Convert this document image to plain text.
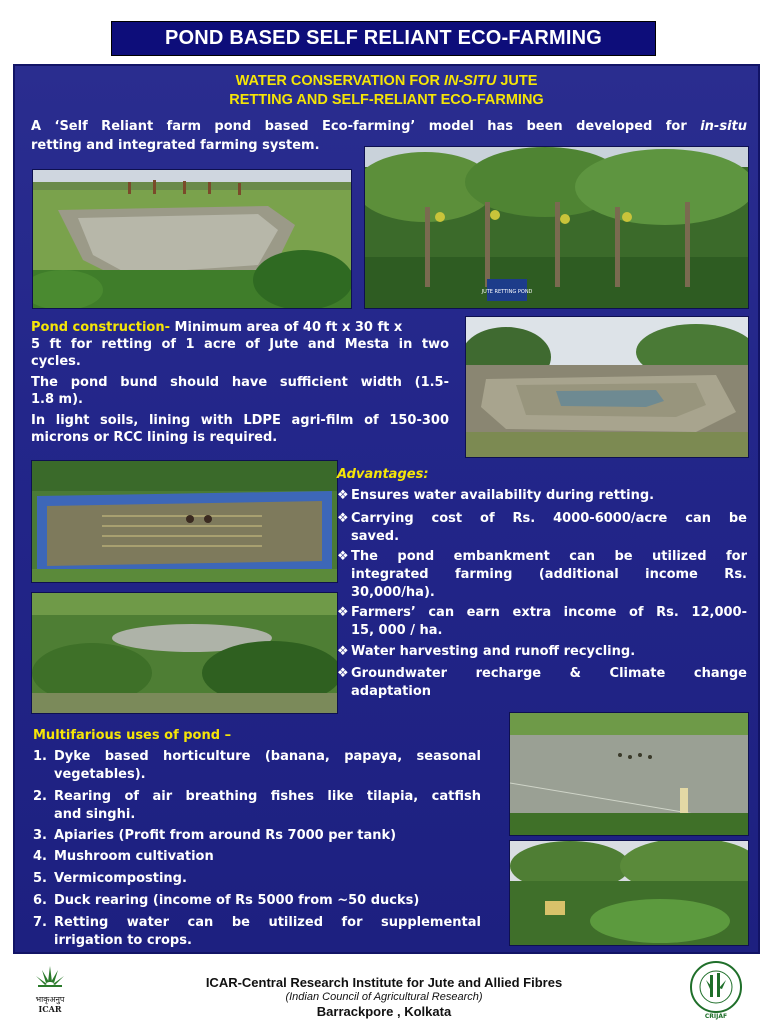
POND BASED SELF RELIANT ECO-FARMING
WATER CONSERVATION FOR IN-SITU JUTE
RETTING AND SELF-RELIANT ECO-FARMING
A ‘Self Reliant farm pond based Eco-farming’ model has been developed for in-situ
retting and integrated farming system.
JUTE RETTING POND
Pond construction- Minimum area of 40 ft x 30 ft x
5 ft for retting of 1 acre of Jute and Mesta in two
cycles.
The pond bund should have sufficient width (1.5-
1.8 m).
In light soils, lining with LDPE agri-film of 150-300
microns or RCC lining is required.
Advantages:
❖ Ensures water availability during retting.
❖ Carrying cost of Rs. 4000-6000/acre can be
saved.
❖ The pond embankment can be utilized for
integrated farming (additional income Rs.
30,000/ha).
❖ Farmers’ can earn extra income of Rs. 12,000-
15, 000 / ha.
❖ Water harvesting and runoff recycling.
❖ Groundwater recharge & Climate change
adaptation
Multifarious uses of pond –
1. Dyke based horticulture (banana, papaya, seasonal
vegetables).
2. Rearing of air breathing fishes like tilapia, catfish
and singhi.
3. Apiaries (Profit from around Rs 7000 per tank)
4. Mushroom cultivation
5. Vermicomposting.
6. Duck rearing (income of Rs 5000 from ~50 ducks)
7. Retting water can be utilized for supplemental
irrigation to crops.
भाकृअनुप
ICAR
ICAR-Central Research Institute for Jute and Allied Fibres
(Indian Council of Agricultural Research)
Barrackpore , Kolkata	CRIJAF
